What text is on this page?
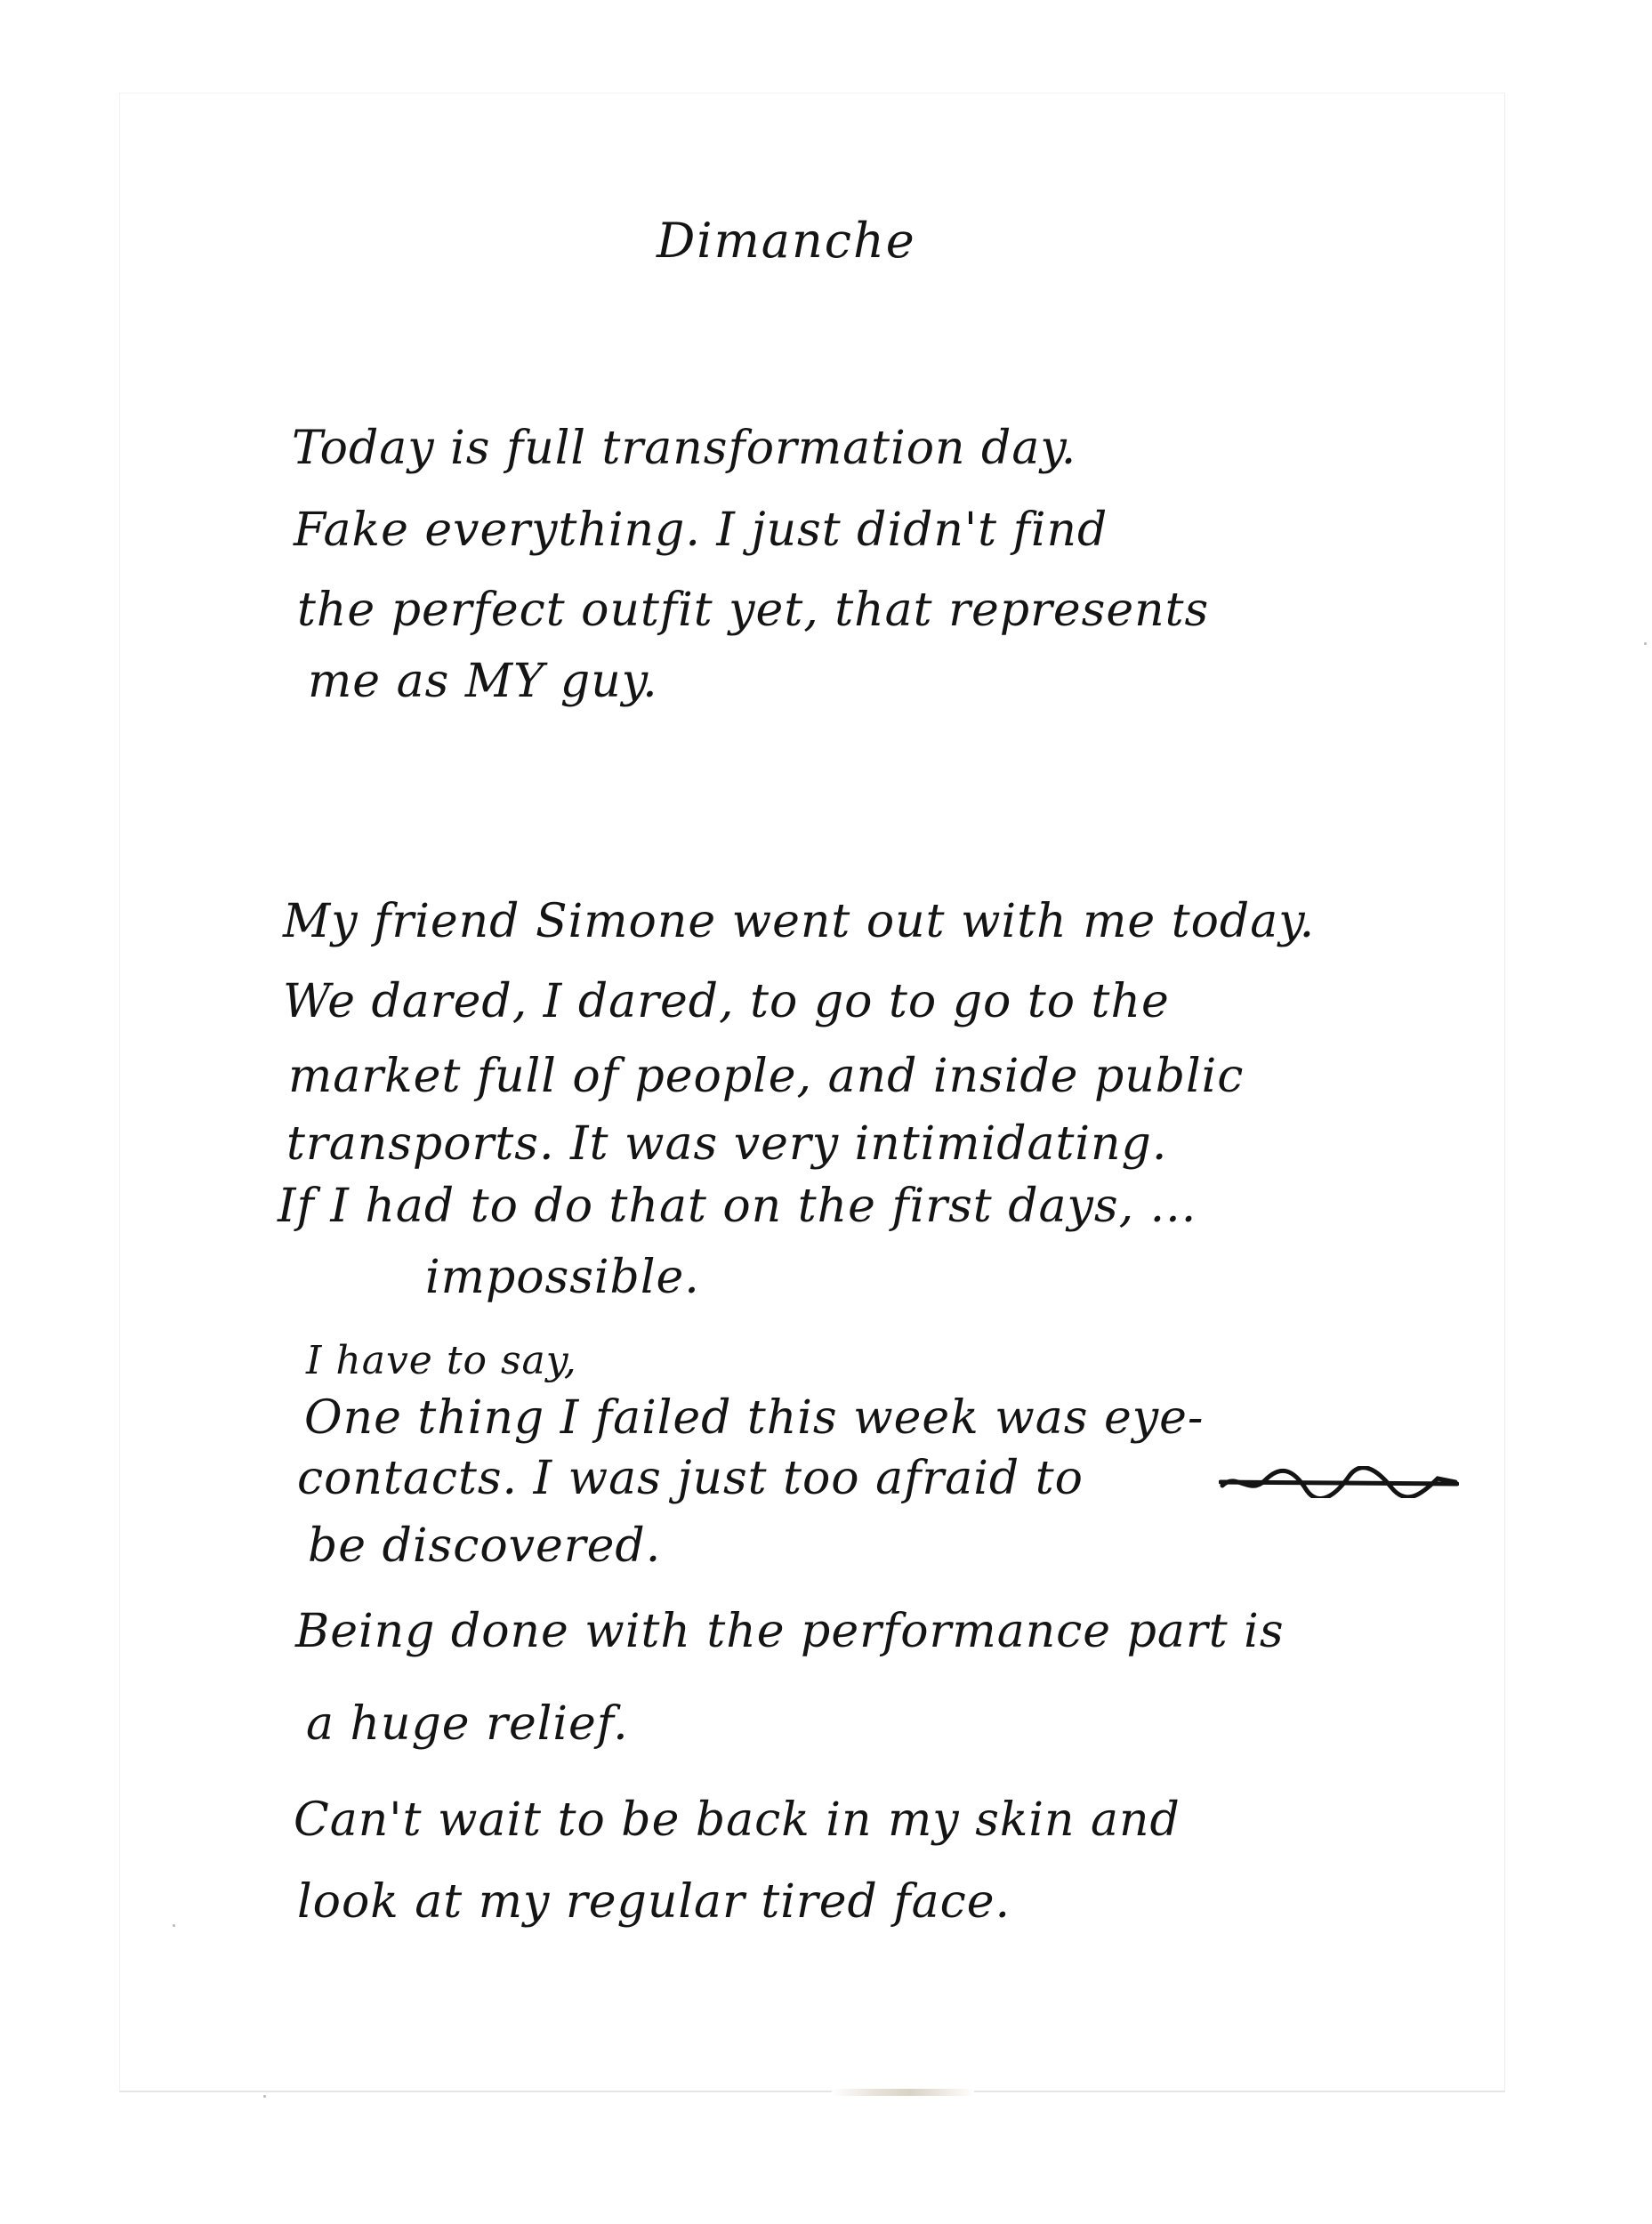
Dimanche

Today is full transformation day.

Fake everything. I just didn't find

the perfect outfit yet, that represents

me as MY guy.

My friend Simone went out with me today.

We dared, I dared, to go to go to the

market full of people, and inside public

transports. It was very intimidating.

If I had to do that on the first days, ...

impossible.

I have to say,

One thing I failed this week was eye-

contacts. I was just too afraid to

be discovered.

Being done with the performance part is

a huge relief.

Can't wait to be back in my skin and

look at my regular tired face.
